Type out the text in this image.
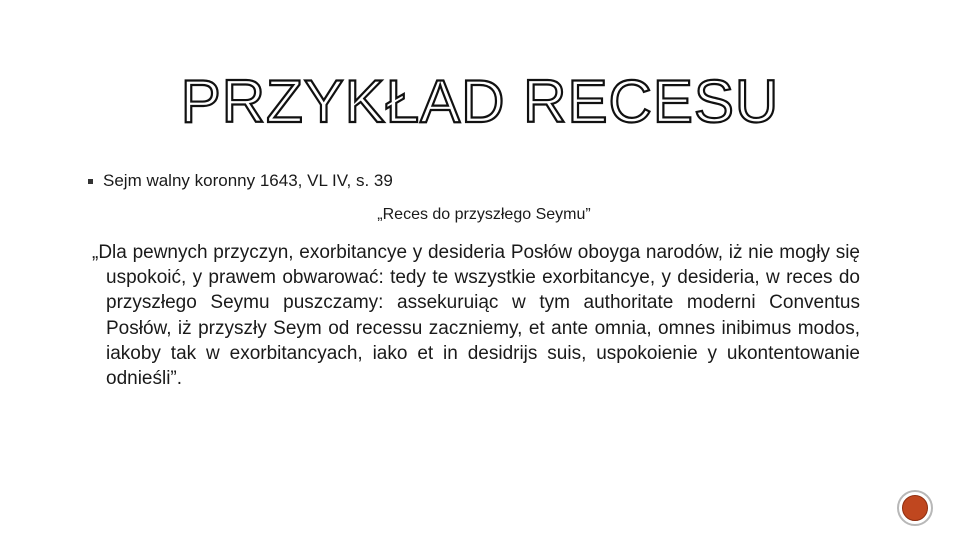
PRZYKŁAD RECESU
Sejm walny koronny 1643, VL IV, s. 39
„Reces do przyszłego Seymu”
„Dla pewnych przyczyn, exorbitancye y desideria Posłów oboyga narodów, iż nie mogły się uspokoić, y prawem obwarować: tedy te wszystkie exorbitancye, y desideria, w reces do przyszłego Seymu puszczamy: assekuruiąc w tym authoritate moderni Conventus Posłów, iż przyszły Seym od recessu zaczniemy, et ante omnia, omnes inibimus modos, iakoby tak w exorbitancyach, iako et in desidrijs suis, uspokoienie y ukontentowanie odnieśli”.
